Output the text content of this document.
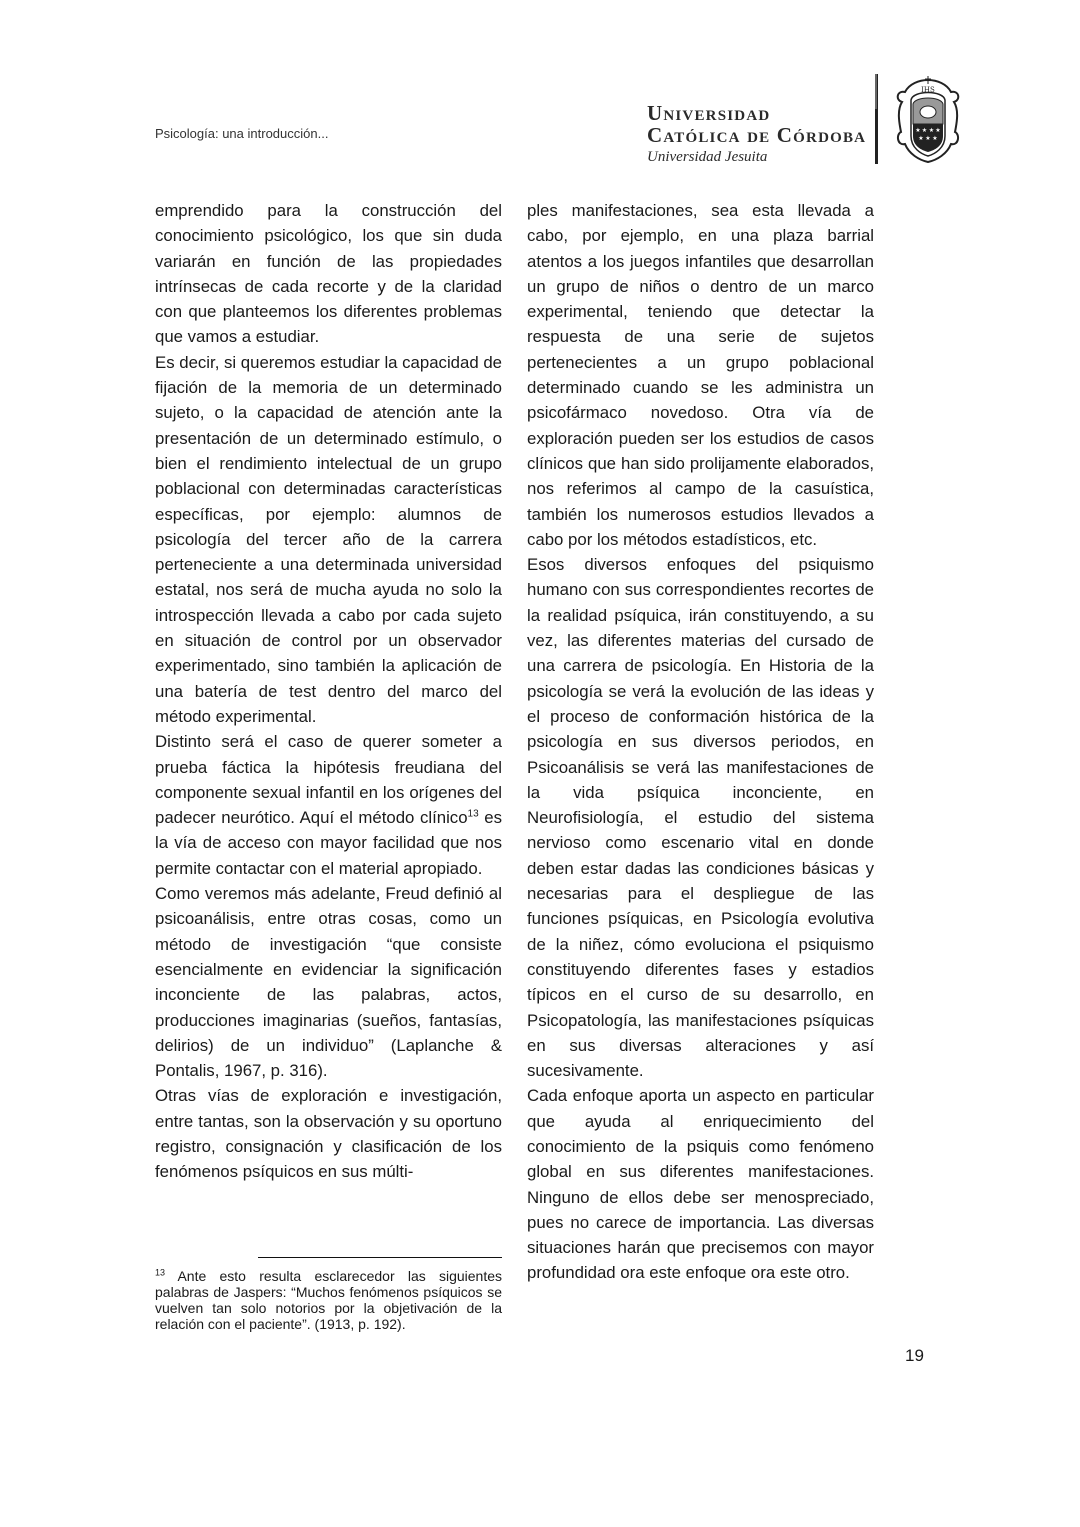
Psicología: una introducción...
Universidad
Católica de Córdoba
Universidad Jesuita
IHS
★ ★ ★ ★
★ ★ ★

emprendido para la construcción del conocimiento psicológico, los que sin duda variarán en función de las propiedades intrínsecas de cada recorte y de la claridad con que planteemos los diferentes problemas que vamos a estudiar.

Es decir, si queremos estudiar la capacidad de fijación de la memoria de un determinado sujeto, o la capacidad de atención ante la presentación de un determinado estímulo, o bien el rendimiento intelectual de un grupo poblacional con determinadas características específicas, por ejemplo: alumnos de psicología del tercer año de la carrera perteneciente a una determinada universidad estatal, nos será de mucha ayuda no solo la introspección llevada a cabo por cada sujeto en situación de control por un observador experimentado, sino también la aplicación de una batería de test dentro del marco del método experimental.

Distinto será el caso de querer someter a prueba fáctica la hipótesis freudiana del componente sexual infantil en los orígenes del padecer neurótico. Aquí el método clínico$^{13}$ es la vía de acceso con mayor facilidad que nos permite contactar con el material apropiado.

Como veremos más adelante, Freud definió al psicoanálisis, entre otras cosas, como un método de investigación “que consiste esencialmente en evidenciar la significación inconciente de las palabras, actos, producciones imaginarias (sueños, fantasías, delirios) de un individuo” (Laplanche & Pontalis, 1967, p. 316).

Otras vías de exploración e investigación, entre tantas, son la observación y su oportuno registro, consignación y clasificación de los fenómenos psíquicos en sus múlti-

ples manifestaciones, sea esta llevada a cabo, por ejemplo, en una plaza barrial atentos a los juegos infantiles que desarrollan un grupo de niños o dentro de un marco experimental, teniendo que detectar la respuesta de una serie de sujetos pertenecientes a un grupo poblacional determinado cuando se les administra un psicofármaco novedoso. Otra vía de exploración pueden ser los estudios de casos clínicos que han sido prolijamente elaborados, nos referimos al campo de la casuística, también los numerosos estudios llevados a cabo por los métodos estadísticos, etc.

Esos diversos enfoques del psiquismo humano con sus correspondientes recortes de la realidad psíquica, irán constituyendo, a su vez, las diferentes materias del cursado de una carrera de psicología. En Historia de la psicología se verá la evolución de las ideas y el proceso de conformación histórica de la psicología en sus diversos periodos, en Psicoanálisis se verá las manifestaciones de la vida psíquica inconciente, en Neurofisiología, el estudio del sistema nervioso como escenario vital en donde deben estar dadas las condiciones básicas y necesarias para el despliegue de las funciones psíquicas, en Psicología evolutiva de la niñez, cómo evoluciona el psiquismo constituyendo diferentes fases y estadios típicos en el curso de su desarrollo, en Psicopatología, las manifestaciones psíquicas en sus diversas alteraciones y así sucesivamente.

Cada enfoque aporta un aspecto en particular que ayuda al enriquecimiento del conocimiento de la psiquis como fenómeno global en sus diferentes manifestaciones. Ninguno de ellos debe ser menospreciado, pues no carece de importancia. Las diversas situaciones harán que precisemos con mayor profundidad ora este enfoque ora este otro.

$^{13}$ Ante esto resulta esclarecedor las siguientes palabras de Jaspers: “Muchos fenómenos psíquicos se vuelven tan solo notorios por la objetivación de la relación con el paciente”. (1913, p. 192).
19
